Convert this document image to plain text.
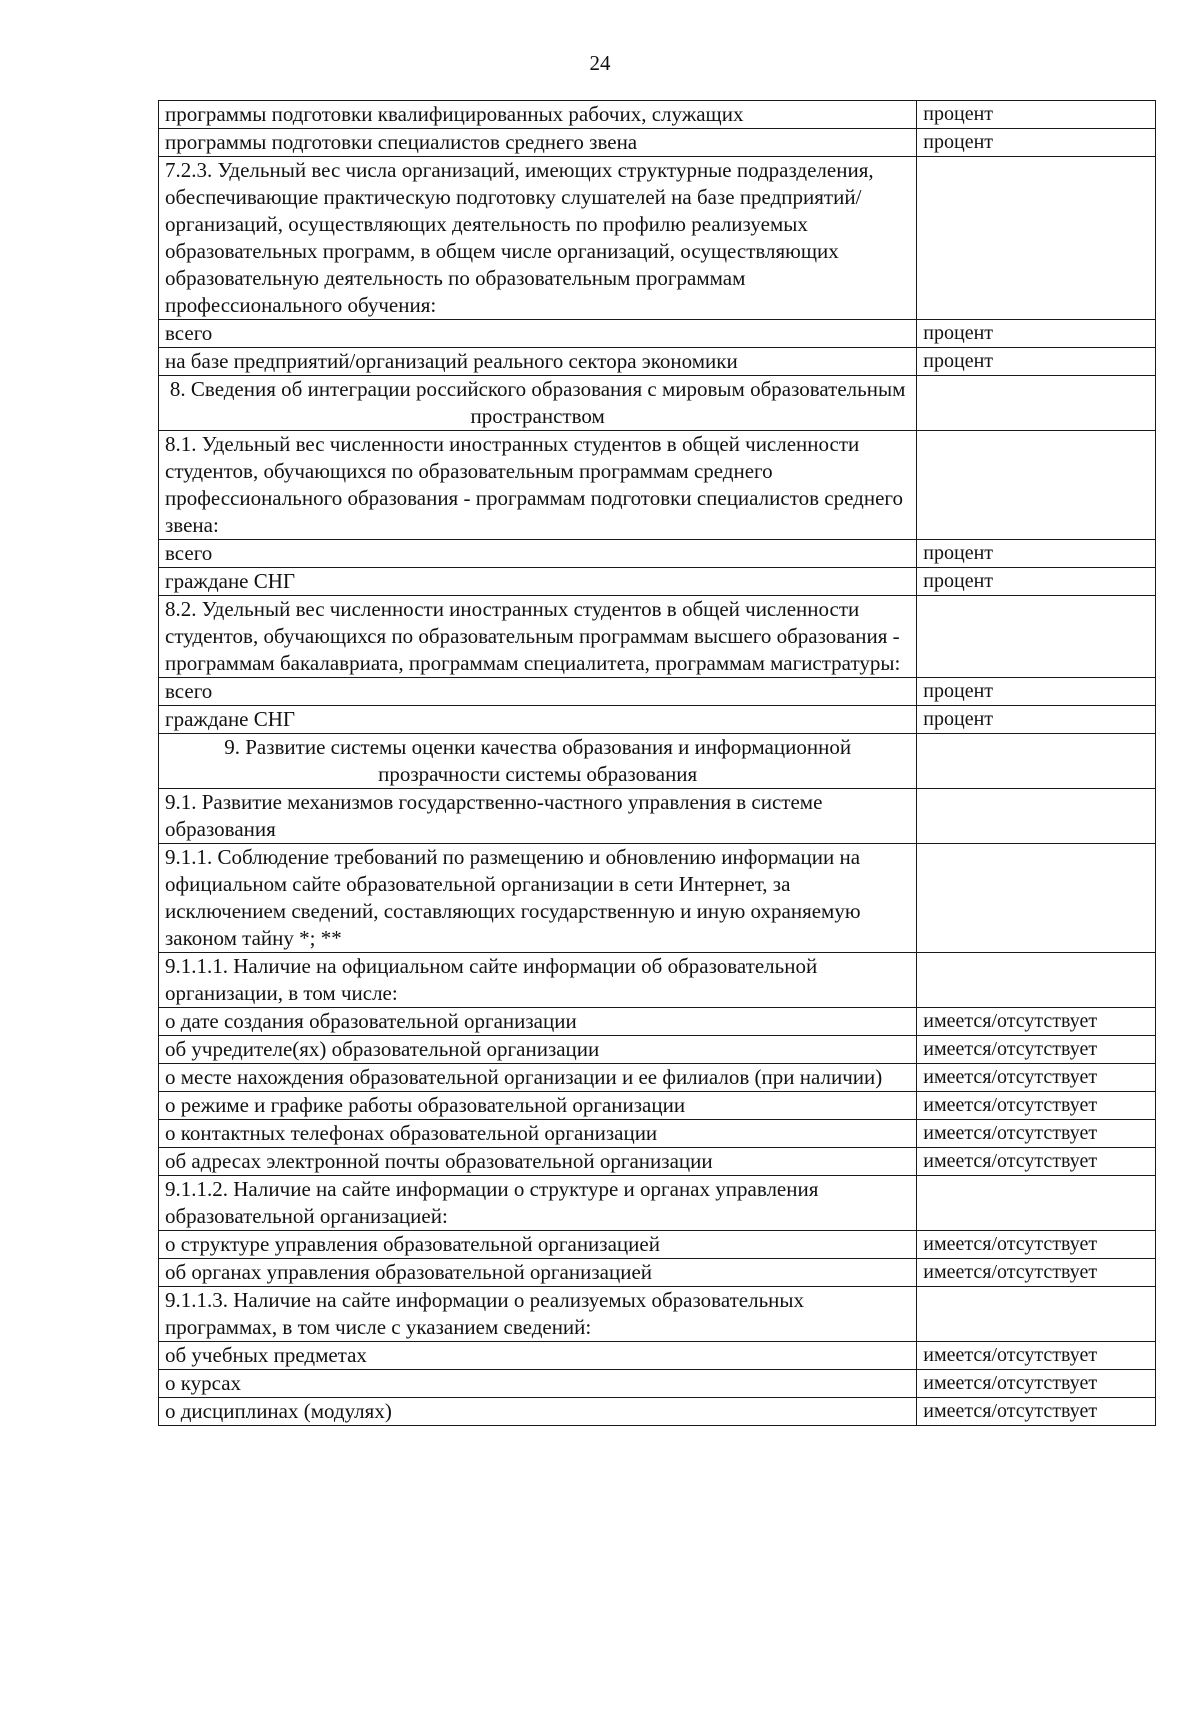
24
программы подготовки квалифицированных рабочих, служащих	процент
программы подготовки специалистов среднего звена	процент
7.2.3. Удельный вес числа организаций, имеющих структурные подразделения, обеспечивающие практическую подготовку слушателей на базе предприятий/организаций, осуществляющих деятельность по профилю реализуемых образовательных программ, в общем числе организаций, осуществляющих образовательную деятельность по образовательным программам профессионального обучения:	
всего	процент
на базе предприятий/организаций реального сектора экономики	процент
8. Сведения об интеграции российского образования с мировым образовательным пространством	
8.1. Удельный вес численности иностранных студентов в общей численности студентов, обучающихся по образовательным программам среднего профессионального образования - программам подготовки специалистов среднего звена:	
всего	процент
граждане СНГ	процент
8.2. Удельный вес численности иностранных студентов в общей численности студентов, обучающихся по образовательным программам высшего образования - программам бакалавриата, программам специалитета, программам магистратуры:	
всего	процент
граждане СНГ	процент
9. Развитие системы оценки качества образования и информационной прозрачности системы образования	
9.1. Развитие механизмов государственно-частного управления в системе образования	
9.1.1. Соблюдение требований по размещению и обновлению информации на официальном сайте образовательной организации в сети Интернет, за исключением сведений, составляющих государственную и иную охраняемую законом тайну *; **	
9.1.1.1. Наличие на официальном сайте информации об образовательной организации, в том числе:	
о дате создания образовательной организации	имеется/отсутствует
об учредителе(ях) образовательной организации	имеется/отсутствует
о месте нахождения образовательной организации и ее филиалов (при наличии)	имеется/отсутствует
о режиме и графике работы образовательной организации	имеется/отсутствует
о контактных телефонах образовательной организации	имеется/отсутствует
об адресах электронной почты образовательной организации	имеется/отсутствует
9.1.1.2. Наличие на сайте информации о структуре и органах управления образовательной организацией:	
о структуре управления образовательной организацией	имеется/отсутствует
об органах управления образовательной организацией	имеется/отсутствует
9.1.1.3. Наличие на сайте информации о реализуемых образовательных программах, в том числе с указанием сведений:	
об учебных предметах	имеется/отсутствует
о курсах	имеется/отсутствует
о дисциплинах (модулях)	имеется/отсутствует
